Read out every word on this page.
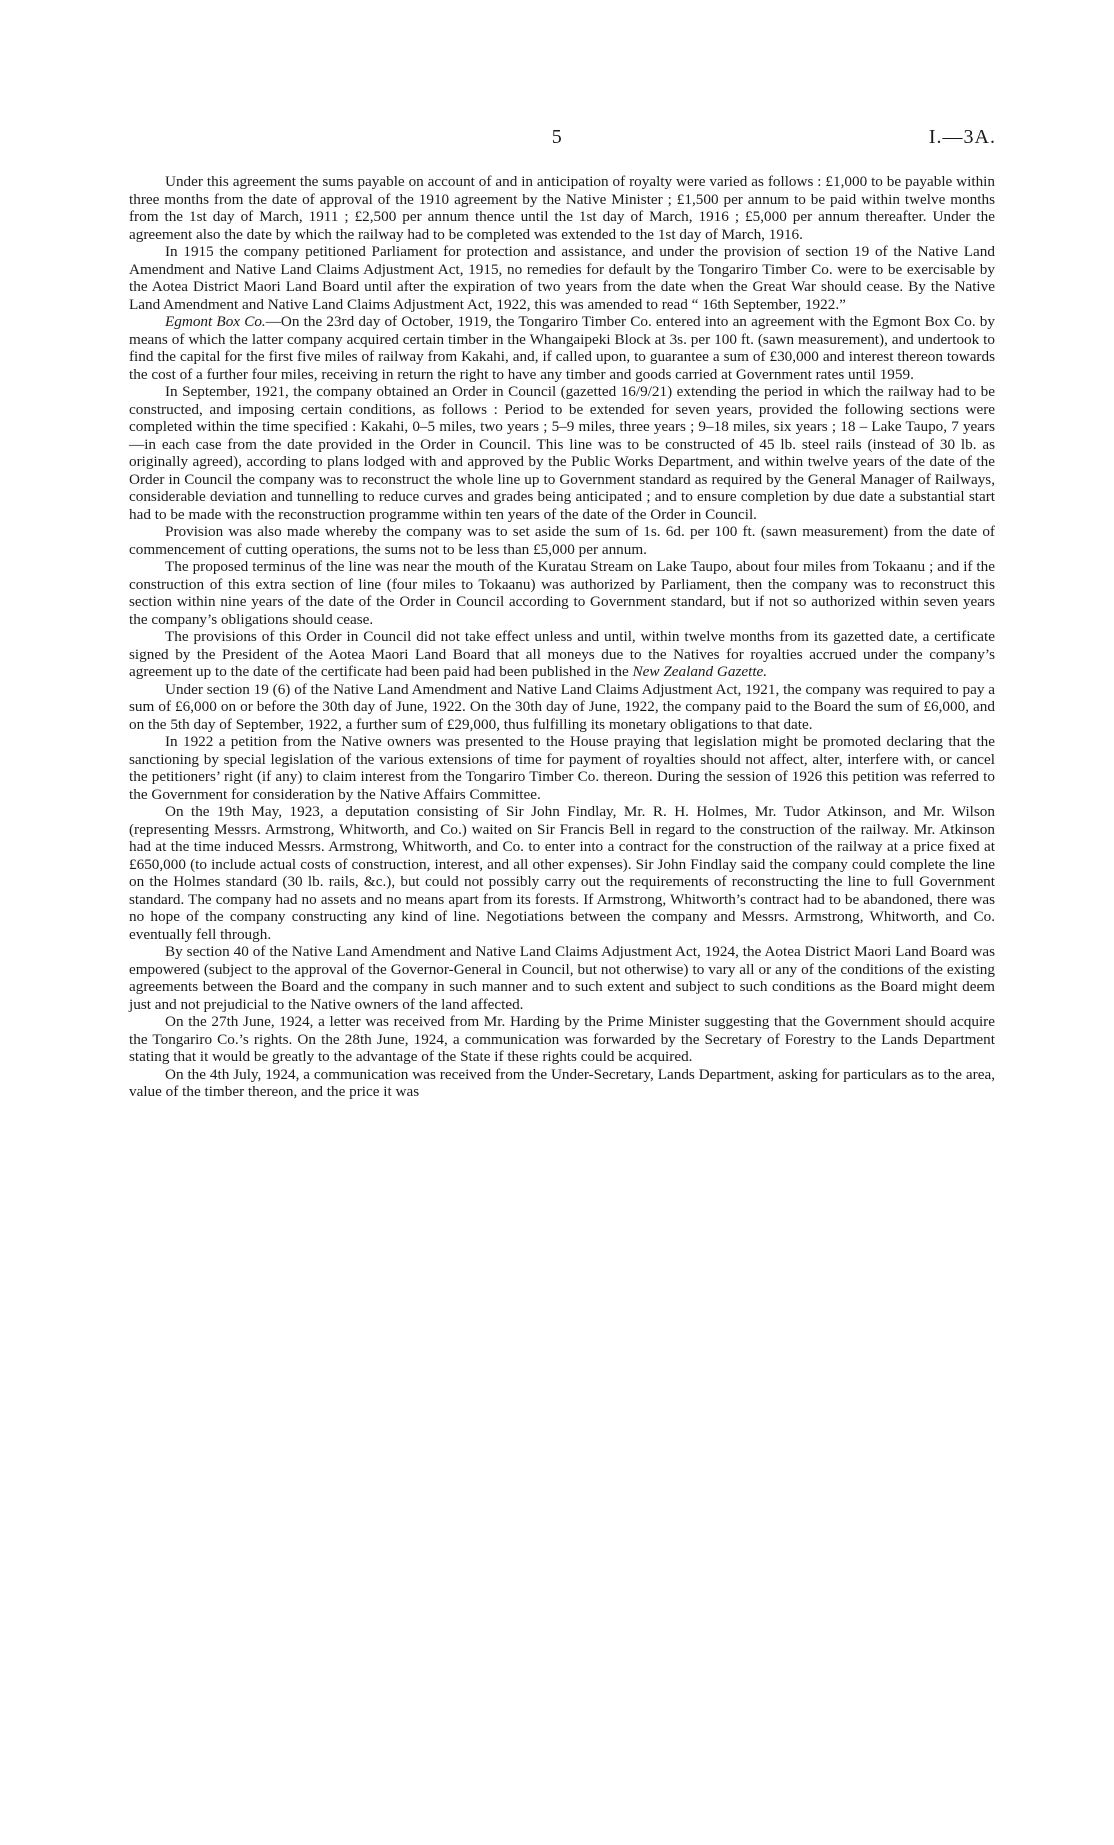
5	I.—3A.

Under this agreement the sums payable on account of and in anticipation of royalty were varied as follows : £1,000 to be payable within three months from the date of approval of the 1910 agreement by the Native Minister ; £1,500 per annum to be paid within twelve months from the 1st day of March, 1911 ; £2,500 per annum thence until the 1st day of March, 1916 ; £5,000 per annum thereafter. Under the agreement also the date by which the railway had to be completed was extended to the 1st day of March, 1916.

In 1915 the company petitioned Parliament for protection and assistance, and under the provision of section 19 of the Native Land Amendment and Native Land Claims Adjustment Act, 1915, no remedies for default by the Tongariro Timber Co. were to be exercisable by the Aotea District Maori Land Board until after the expiration of two years from the date when the Great War should cease. By the Native Land Amendment and Native Land Claims Adjustment Act, 1922, this was amended to read “ 16th September, 1922.”

Egmont Box Co.—On the 23rd day of October, 1919, the Tongariro Timber Co. entered into an agreement with the Egmont Box Co. by means of which the latter company acquired certain timber in the Whangaipeki Block at 3s. per 100 ft. (sawn measurement), and undertook to find the capital for the first five miles of railway from Kakahi, and, if called upon, to guarantee a sum of £30,000 and interest thereon towards the cost of a further four miles, receiving in return the right to have any timber and goods carried at Government rates until 1959.

In September, 1921, the company obtained an Order in Council (gazetted 16/9/21) extending the period in which the railway had to be constructed, and imposing certain conditions, as follows : Period to be extended for seven years, provided the following sections were completed within the time specified : Kakahi, 0–5 miles, two years ; 5–9 miles, three years ; 9–18 miles, six years ; 18 – Lake Taupo, 7 years—in each case from the date provided in the Order in Council. This line was to be constructed of 45 lb. steel rails (instead of 30 lb. as originally agreed), according to plans lodged with and approved by the Public Works Department, and within twelve years of the date of the Order in Council the company was to reconstruct the whole line up to Government standard as required by the General Manager of Railways, considerable deviation and tunnelling to reduce curves and grades being anticipated ; and to ensure completion by due date a substantial start had to be made with the reconstruction programme within ten years of the date of the Order in Council.

Provision was also made whereby the company was to set aside the sum of 1s. 6d. per 100 ft. (sawn measurement) from the date of commencement of cutting operations, the sums not to be less than £5,000 per annum.

The proposed terminus of the line was near the mouth of the Kuratau Stream on Lake Taupo, about four miles from Tokaanu ; and if the construction of this extra section of line (four miles to Tokaanu) was authorized by Parliament, then the company was to reconstruct this section within nine years of the date of the Order in Council according to Government standard, but if not so authorized within seven years the company’s obligations should cease.

The provisions of this Order in Council did not take effect unless and until, within twelve months from its gazetted date, a certificate signed by the President of the Aotea Maori Land Board that all moneys due to the Natives for royalties accrued under the company’s agreement up to the date of the certificate had been paid had been published in the New Zealand Gazette.

Under section 19 (6) of the Native Land Amendment and Native Land Claims Adjustment Act, 1921, the company was required to pay a sum of £6,000 on or before the 30th day of June, 1922. On the 30th day of June, 1922, the company paid to the Board the sum of £6,000, and on the 5th day of September, 1922, a further sum of £29,000, thus fulfilling its monetary obligations to that date.

In 1922 a petition from the Native owners was presented to the House praying that legislation might be promoted declaring that the sanctioning by special legislation of the various extensions of time for payment of royalties should not affect, alter, interfere with, or cancel the petitioners’ right (if any) to claim interest from the Tongariro Timber Co. thereon. During the session of 1926 this petition was referred to the Government for consideration by the Native Affairs Committee.

On the 19th May, 1923, a deputation consisting of Sir John Findlay, Mr. R. H. Holmes, Mr. Tudor Atkinson, and Mr. Wilson (representing Messrs. Armstrong, Whitworth, and Co.) waited on Sir Francis Bell in regard to the construction of the railway. Mr. Atkinson had at the time induced Messrs. Armstrong, Whitworth, and Co. to enter into a contract for the construction of the railway at a price fixed at £650,000 (to include actual costs of construction, interest, and all other expenses). Sir John Findlay said the company could complete the line on the Holmes standard (30 lb. rails, &c.), but could not possibly carry out the requirements of reconstructing the line to full Government standard. The company had no assets and no means apart from its forests. If Armstrong, Whitworth’s contract had to be abandoned, there was no hope of the company constructing any kind of line. Negotiations between the company and Messrs. Armstrong, Whitworth, and Co. eventually fell through.

By section 40 of the Native Land Amendment and Native Land Claims Adjustment Act, 1924, the Aotea District Maori Land Board was empowered (subject to the approval of the Governor-General in Council, but not otherwise) to vary all or any of the conditions of the existing agreements between the Board and the company in such manner and to such extent and subject to such conditions as the Board might deem just and not prejudicial to the Native owners of the land affected.

On the 27th June, 1924, a letter was received from Mr. Harding by the Prime Minister suggesting that the Government should acquire the Tongariro Co.’s rights. On the 28th June, 1924, a communication was forwarded by the Secretary of Forestry to the Lands Department stating that it would be greatly to the advantage of the State if these rights could be acquired.

On the 4th July, 1924, a communication was received from the Under-Secretary, Lands Department, asking for particulars as to the area, value of the timber thereon, and the price it was
